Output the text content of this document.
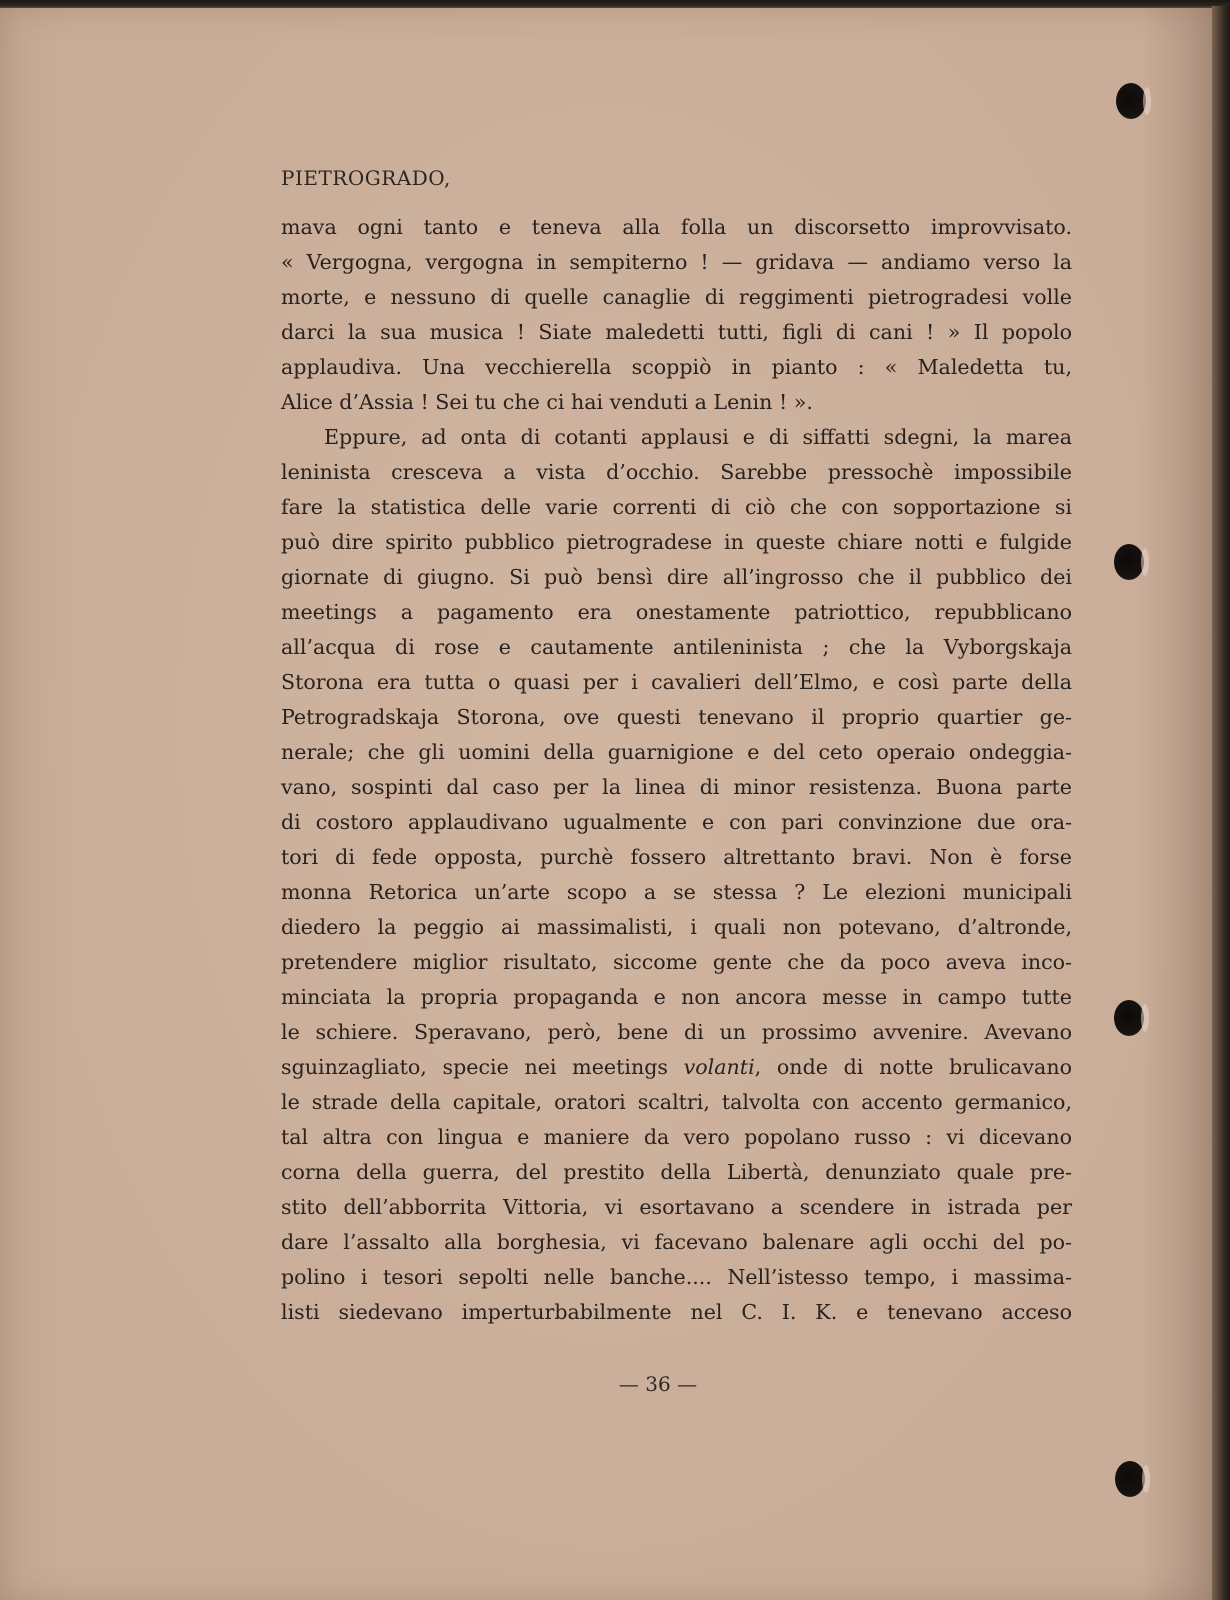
PIETROGRADO,
mava ogni tanto e teneva alla folla un discorsetto improvvisato.
« Vergogna, vergogna in sempiterno ! — gridava — andiamo verso la
morte, e nessuno di quelle canaglie di reggimenti pietrogradesi volle
darci la sua musica ! Siate maledetti tutti, figli di cani ! » Il popolo
applaudiva. Una vecchierella scoppiò in pianto : « Maledetta tu,
Alice d’Assia ! Sei tu che ci hai venduti a Lenin ! ».
Eppure, ad onta di cotanti applausi e di siffatti sdegni, la marea
leninista cresceva a vista d’occhio. Sarebbe pressochè impossibile
fare la statistica delle varie correnti di ciò che con sopportazione si
può dire spirito pubblico pietrogradese in queste chiare notti e fulgide
giornate di giugno. Si può bensì dire all’ingrosso che il pubblico dei
meetings a pagamento era onestamente patriottico, repubblicano
all’acqua di rose e cautamente antileninista ; che la Vyborgskaja
Storona era tutta o quasi per i cavalieri dell’Elmo, e così parte della
Petrogradskaja Storona, ove questi tenevano il proprio quartier ge-
nerale; che gli uomini della guarnigione e del ceto operaio ondeggia-
vano, sospinti dal caso per la linea di minor resistenza. Buona parte
di costoro applaudivano ugualmente e con pari convinzione due ora-
tori di fede opposta, purchè fossero altrettanto bravi. Non è forse
monna Retorica un’arte scopo a se stessa ? Le elezioni municipali
diedero la peggio ai massimalisti, i quali non potevano, d’altronde,
pretendere miglior risultato, siccome gente che da poco aveva inco-
minciata la propria propaganda e non ancora messe in campo tutte
le schiere. Speravano, però, bene di un prossimo avvenire. Avevano
sguinzagliato, specie nei meetings volanti, onde di notte brulicavano
le strade della capitale, oratori scaltri, talvolta con accento germanico,
tal altra con lingua e maniere da vero popolano russo : vi dicevano
corna della guerra, del prestito della Libertà, denunziato quale pre-
stito dell’abborrita Vittoria, vi esortavano a scendere in istrada per
dare l’assalto alla borghesia, vi facevano balenare agli occhi del po-
polino i tesori sepolti nelle banche.... Nell’istesso tempo, i massima-
listi siedevano imperturbabilmente nel C. I. K. e tenevano acceso
— 36 —
